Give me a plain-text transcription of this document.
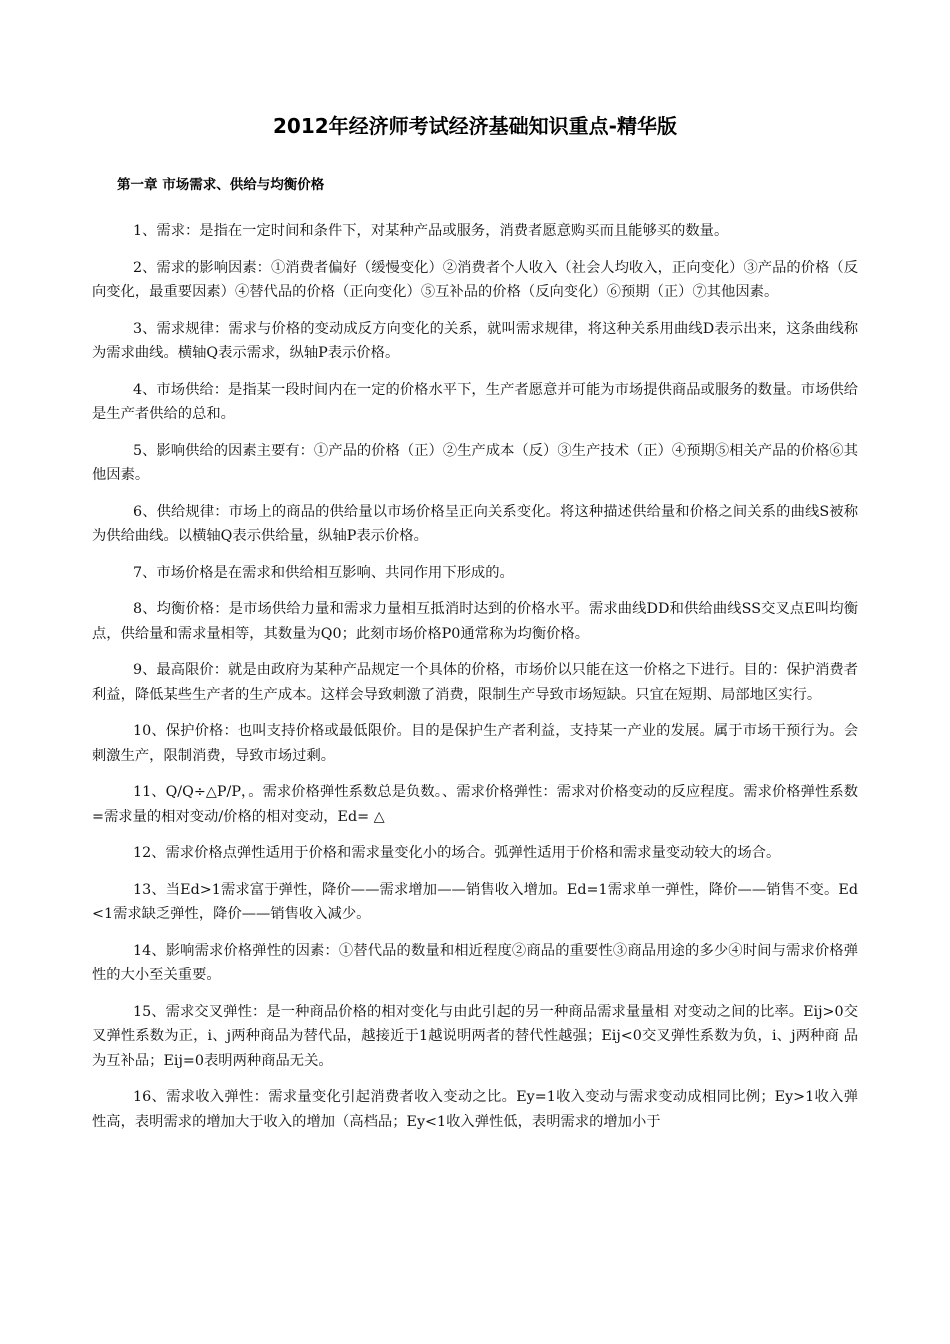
2012年经济师考试经济基础知识重点-精华版
第一章 市场需求、供给与均衡价格

1、需求：是指在一定时间和条件下，对某种产品或服务，消费者愿意购买而且能够买的数量。

2、需求的影响因素：①消费者偏好（缓慢变化）②消费者个人收入（社会人均收入，正向变化）③产品的价格（反向变化，最重要因素）④替代品的价格（正向变化）⑤互补品的价格（反向变化）⑥预期（正）⑦其他因素。

3、需求规律：需求与价格的变动成反方向变化的关系，就叫需求规律，将这种关系用曲线D表示出来，这条曲线称为需求曲线。横轴Q表示需求，纵轴P表示价格。

4、市场供给：是指某一段时间内在一定的价格水平下，生产者愿意并可能为市场提供商品或服务的数量。市场供给是生产者供给的总和。

5、影响供给的因素主要有：①产品的价格（正）②生产成本（反）③生产技术（正）④预期⑤相关产品的价格⑥其他因素。

6、供给规律：市场上的商品的供给量以市场价格呈正向关系变化。将这种描述供给量和价格之间关系的曲线S被称为供给曲线。以横轴Q表示供给量，纵轴P表示价格。

7、市场价格是在需求和供给相互影响、共同作用下形成的。

8、均衡价格：是市场供给力量和需求力量相互抵消时达到的价格水平。需求曲线DD和供给曲线SS交叉点E叫均衡点，供给量和需求量相等，其数量为Q0；此刻市场价格P0通常称为均衡价格。

9、最高限价：就是由政府为某种产品规定一个具体的价格，市场价以只能在这一价格之下进行。目的：保护消费者利益，降低某些生产者的生产成本。这样会导致刺激了消费，限制生产导致市场短缺。只宜在短期、局部地区实行。

10、保护价格：也叫支持价格或最低限价。目的是保护生产者利益，支持某一产业的发展。属于市场干预行为。会刺激生产，限制消费，导致市场过剩。

11、Q/Q÷△P/P，。需求价格弹性系数总是负数。、需求价格弹性：需求对价格变动的反应程度。需求价格弹性系数=需求量的相对变动/价格的相对变动，Ed= △

12、需求价格点弹性适用于价格和需求量变化小的场合。弧弹性适用于价格和需求量变动较大的场合。

13、当Ed>1需求富于弹性，降价——需求增加——销售收入增加。Ed=1需求单一弹性，降价——销售不变。Ed<1需求缺乏弹性，降价——销售收入减少。

14、影响需求价格弹性的因素：①替代品的数量和相近程度②商品的重要性③商品用途的多少④时间与需求价格弹性的大小至关重要。

15、需求交叉弹性：是一种商品价格的相对变化与由此引起的另一种商品需求量量相 对变动之间的比率。Eij>0交叉弹性系数为正，i、j两种商品为替代品，越接近于1越说明两者的替代性越强；Eij<0交叉弹性系数为负，i、j两种商 品为互补品；Eij=0表明两种商品无关。

16、需求收入弹性：需求量变化引起消费者收入变动之比。Ey=1收入变动与需求变动成相同比例；Ey>1收入弹性高，表明需求的增加大于收入的增加（高档品；Ey<1收入弹性低，表明需求的增加小于
